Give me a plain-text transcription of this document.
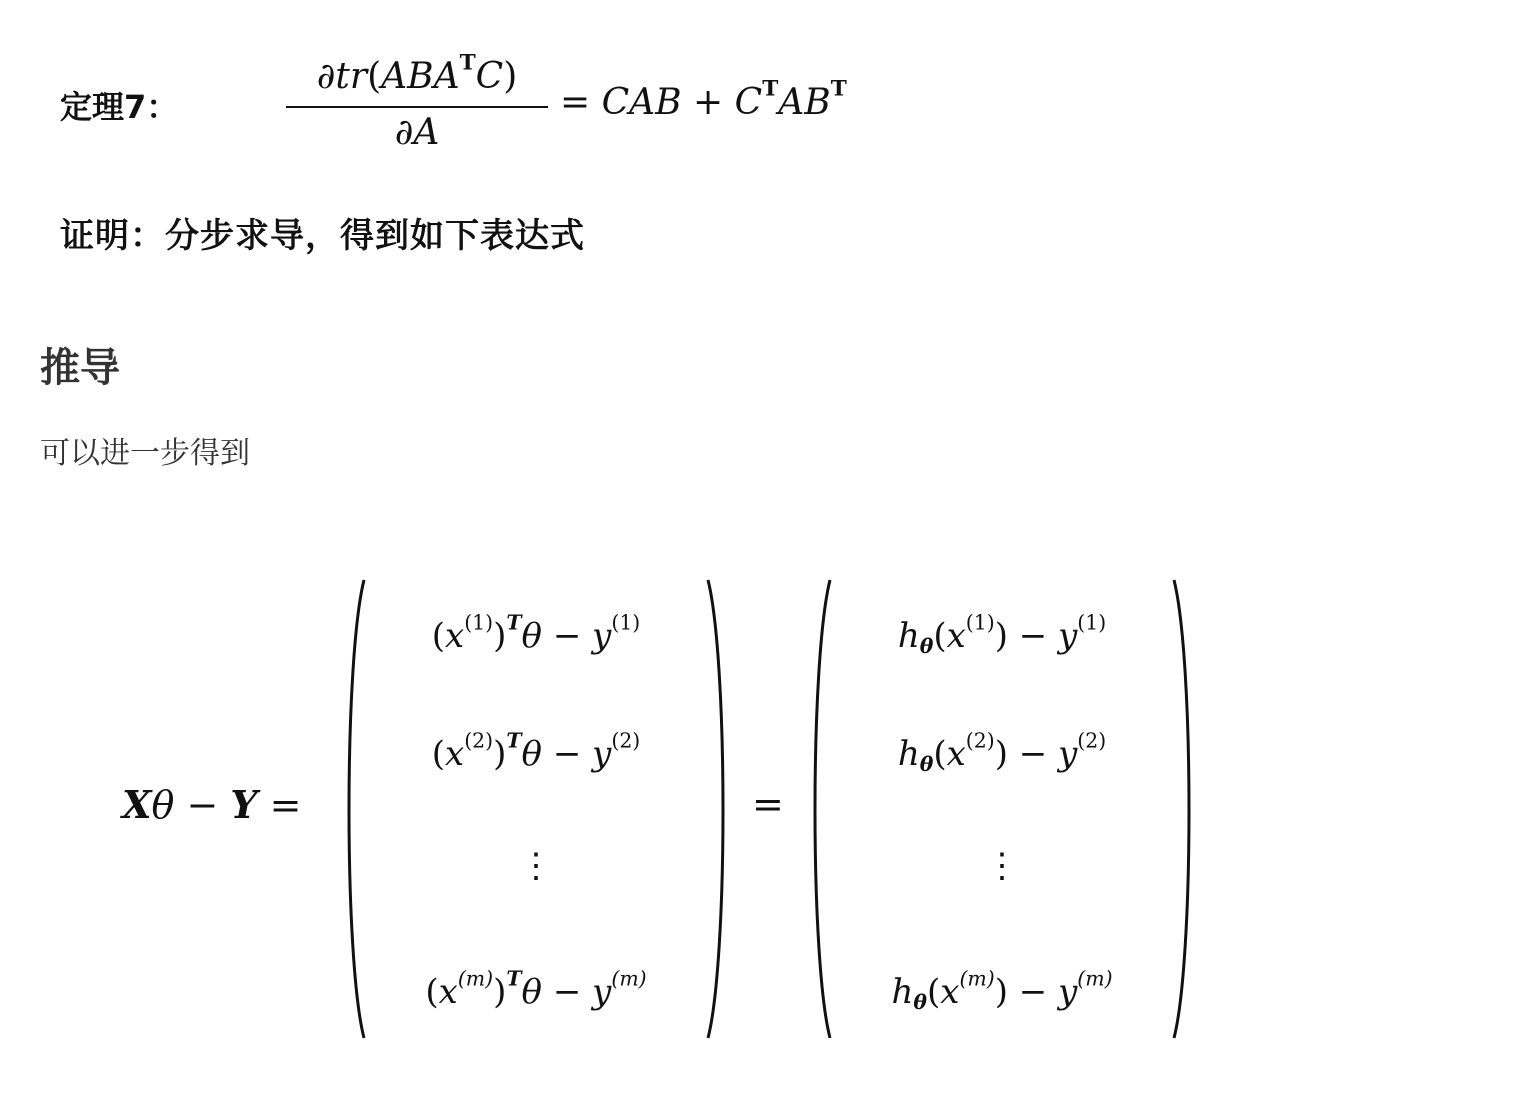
定理7：
$\partial tr(ABA^TC)$
∂A
= CAB + $C^TAB^T$
证明：分步求导，得到如下表达式
推导
可以进一步得到
Xθ − Y =	=
$(x^{(1)})^T\theta - y^{(1)}$
$(x^{(2)})^T\theta - y^{(2)}$
⋮
$(x^{(m)})^T\theta - y^{(m)}$
$h_\theta(x^{(1)}) - y^{(1)}$
$h_\theta(x^{(2)}) - y^{(2)}$
⋮
$h_\theta(x^{(m)}) - y^{(m)}$
